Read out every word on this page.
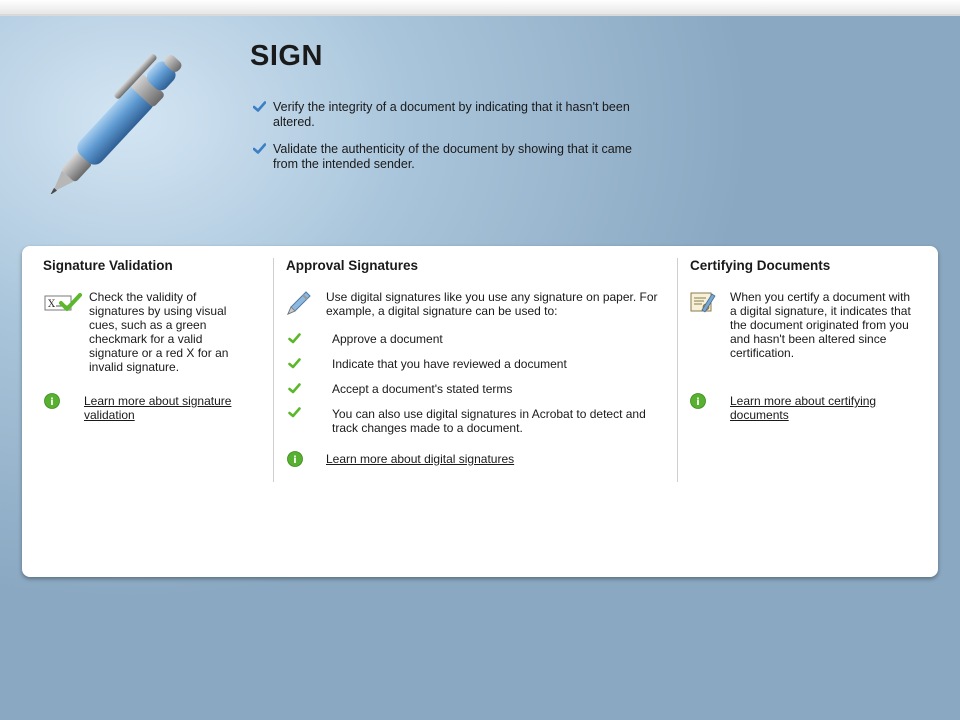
SIGN
Verify the integrity of a document by indicating that it hasn't been altered.
Validate the authenticity of the document by showing that it came from the intended sender.
Signature Validation
X
Check the validity of signatures by using visual cues, such as a green checkmark for a valid signature or a red X for an invalid signature.
i	Learn more about signature validation
Approval Signatures
Use digital signatures like you use any signature on paper. For example, a digital signature can be used to:
Approve a document
Indicate that you have reviewed a document
Accept a document's stated terms
You can also use digital signatures in Acrobat to detect and track changes made to a document.
i Learn more about digital signatures
Certifying Documents
When you certify a document with a digital signature, it indicates that the document originated from you and hasn't been altered since certification.
i	Learn more about certifying documents
